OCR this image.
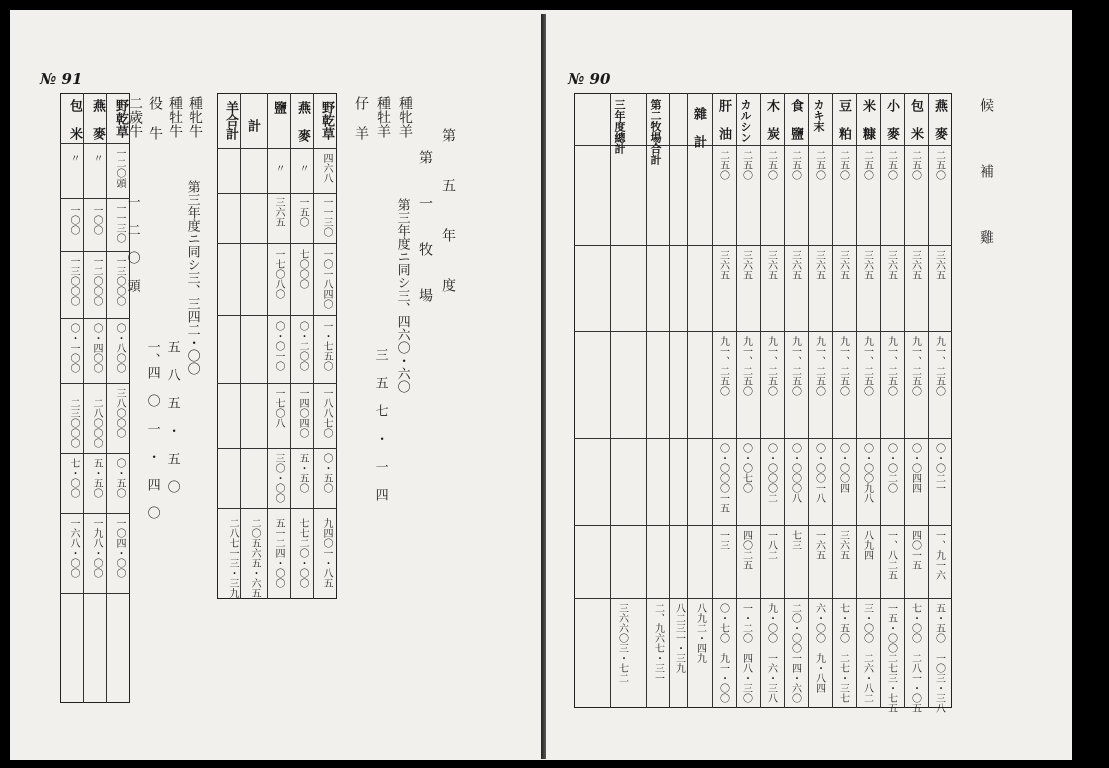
№ 91
野乾草
燕 麥
包 米
一二〇頭
〃
〃
一一三〇
一〇〇
一〇〇
一三〇〇〇
一二〇〇〇
一三〇〇〇
〇・八〇〇
〇・四〇〇
〇・一〇〇
三八〇〇〇
二八〇〇〇
二三〇〇〇
〇・五〇
五・五〇
七・〇〇
一〇四・〇〇
一九八・〇〇
一六八・〇〇
種牝牛
種牡牛
役 牛
二歲牛
第三年度ニ同シ三、三四二・〇〇
五 八 五 ・ 五 〇
一、四 〇 一 ・ 四 〇
一 二 〇 頭
野乾草
燕 麥
鹽
計
羊合計
四六八
一一三〇
一〇一八四〇
一・七五〇
一八八七〇
〇・五〇
九四〇一・八五
〃
一五〇
七〇〇〇
〇・二〇〇
一四〇四〇
五・五〇
七七二〇・〇〇
〃
三六五
一七〇八〇
〇・〇一〇
一七〇八
三〇・〇〇
五一二四・〇〇
二〇五六五・六五
二八七一三・三九
種牝羊
種牡羊
仔 羊
三 五 七 ・ 一 四
第 五 年 度
第 一 牧 場
第三年度ニ同シ三、四六〇・六〇
№ 90
燕 麥
包 米
小 麥
米 糠
豆 粕
カキ末
食 鹽
木 炭
カルシン
肝 油
雜 計
第二牧場合計
三年度總計
二五〇
二五〇
二五〇
二五〇
二五〇
二五〇
二五〇
二五〇
二五〇
二五〇
三六五
三六五
三六五
三六五
三六五
三六五
三六五
三六五
三六五
三六五
九一、二五〇
九一、二五〇
九一、二五〇
九一、二五〇
九一、二五〇
九一、二五〇
九一、二五〇
九一、二五〇
九一、二五〇
九一、二五〇
〇・〇二一
〇・〇四四
〇・〇二〇
〇・〇〇九八
〇・〇〇四
〇・〇〇一八
〇・〇〇〇八
〇・〇〇〇二
〇・〇七〇
〇・〇〇〇一五
一、九一六
四〇一五
一、八二五
八九四
三六五
一六五
七三
一八二
四〇二五
一三
五・五〇
七・〇〇
一五・〇〇
三・〇〇
七・五〇
六・〇〇
二〇・〇〇
九・〇〇
一・二〇
〇・七〇
一〇三・三八
二八一・〇五
二七三・七五
二六・八二
二七・三七
九・八四
一四・六〇
一六・三八
四八・三〇
九一・〇〇
八九二・四九
八二三一・三九
二、九六七・三一
三六六〇三・七二
候 補 雞
